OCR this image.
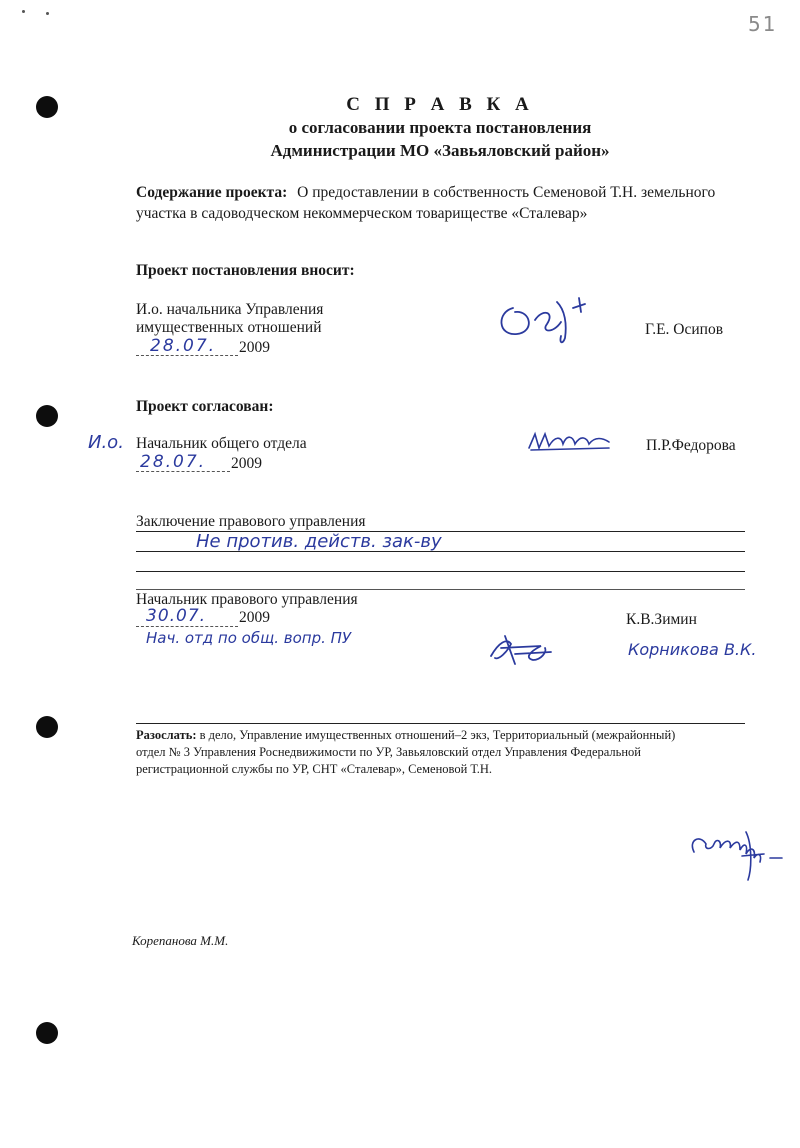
51
С П Р А В К А
о согласовании проекта постановления
Администрации МО «Завьяловский район»
Содержание проекта: О предоставлении в собственность Семеновой Т.Н. земельного
участка в садоводческом некоммерческом товариществе «Сталевар»
Проект постановления вносит:
И.о. начальника Управления
имущественных отношений
28.07. 2009
Г.Е. Осипов
Проект согласован:
И.о. Начальник общего отдела
28.07. 2009
П.Р.Федорова
Заключение правового управления
Не против. действ. зак-ву
Начальник правового управления
30.07. 2009	К.В.Зимин
Нач. отд по общ. вопр. ПУ
Корникова В.К.
Разослать: в дело, Управление имущественных отношений–2 экз, Территориальный (межрайонный)
отдел № 3 Управления Роснедвижимости по УР, Завьяловский отдел Управления Федеральной
регистрационной службы по УР, СНТ «Сталевар», Семеновой Т.Н.
Корепанова М.М.
